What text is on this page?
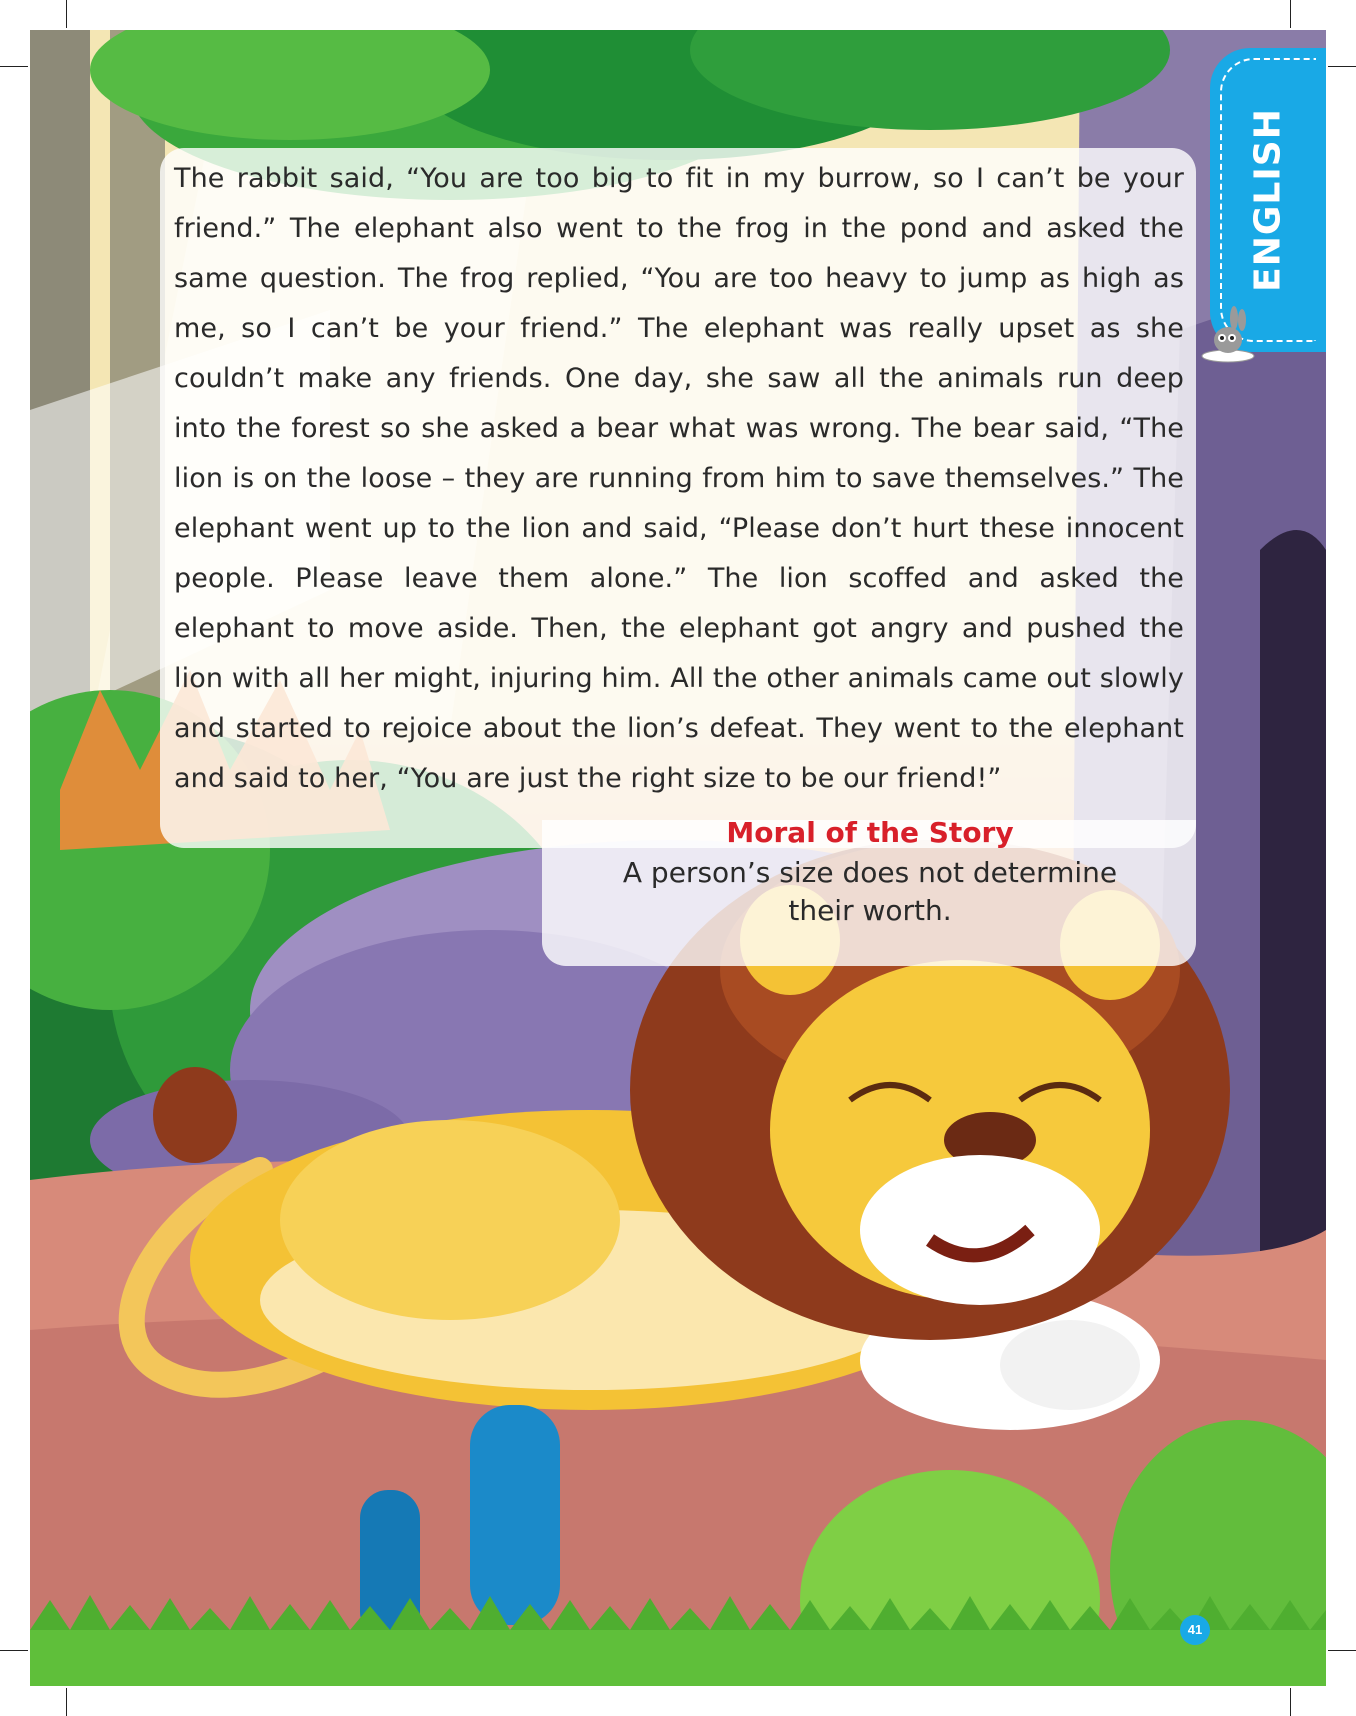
The rabbit said, “You are too big to fit in my burrow, so I can’t be your friend.” The elephant also went to the frog in the pond and asked the same question. The frog replied, “You are too heavy to jump as high as me, so I can’t be your friend.” The elephant was really upset as she couldn’t make any friends. One day, she saw all the animals run deep into the forest so she asked a bear what was wrong. The bear said, “The lion is on the loose – they are running from him to save themselves.” The elephant went up to the lion and said, “Please don’t hurt these innocent people. Please leave them alone.” The lion scoffed and asked the elephant to move aside. Then, the elephant got angry and pushed the lion with all her might, injuring him. All the other animals came out slowly and started to rejoice about the lion’s defeat. They went to the elephant and said to her, “You are just the right size to be our friend!”

Moral of the Story
A person’s size does not determine their worth.
41
ENGLISH
